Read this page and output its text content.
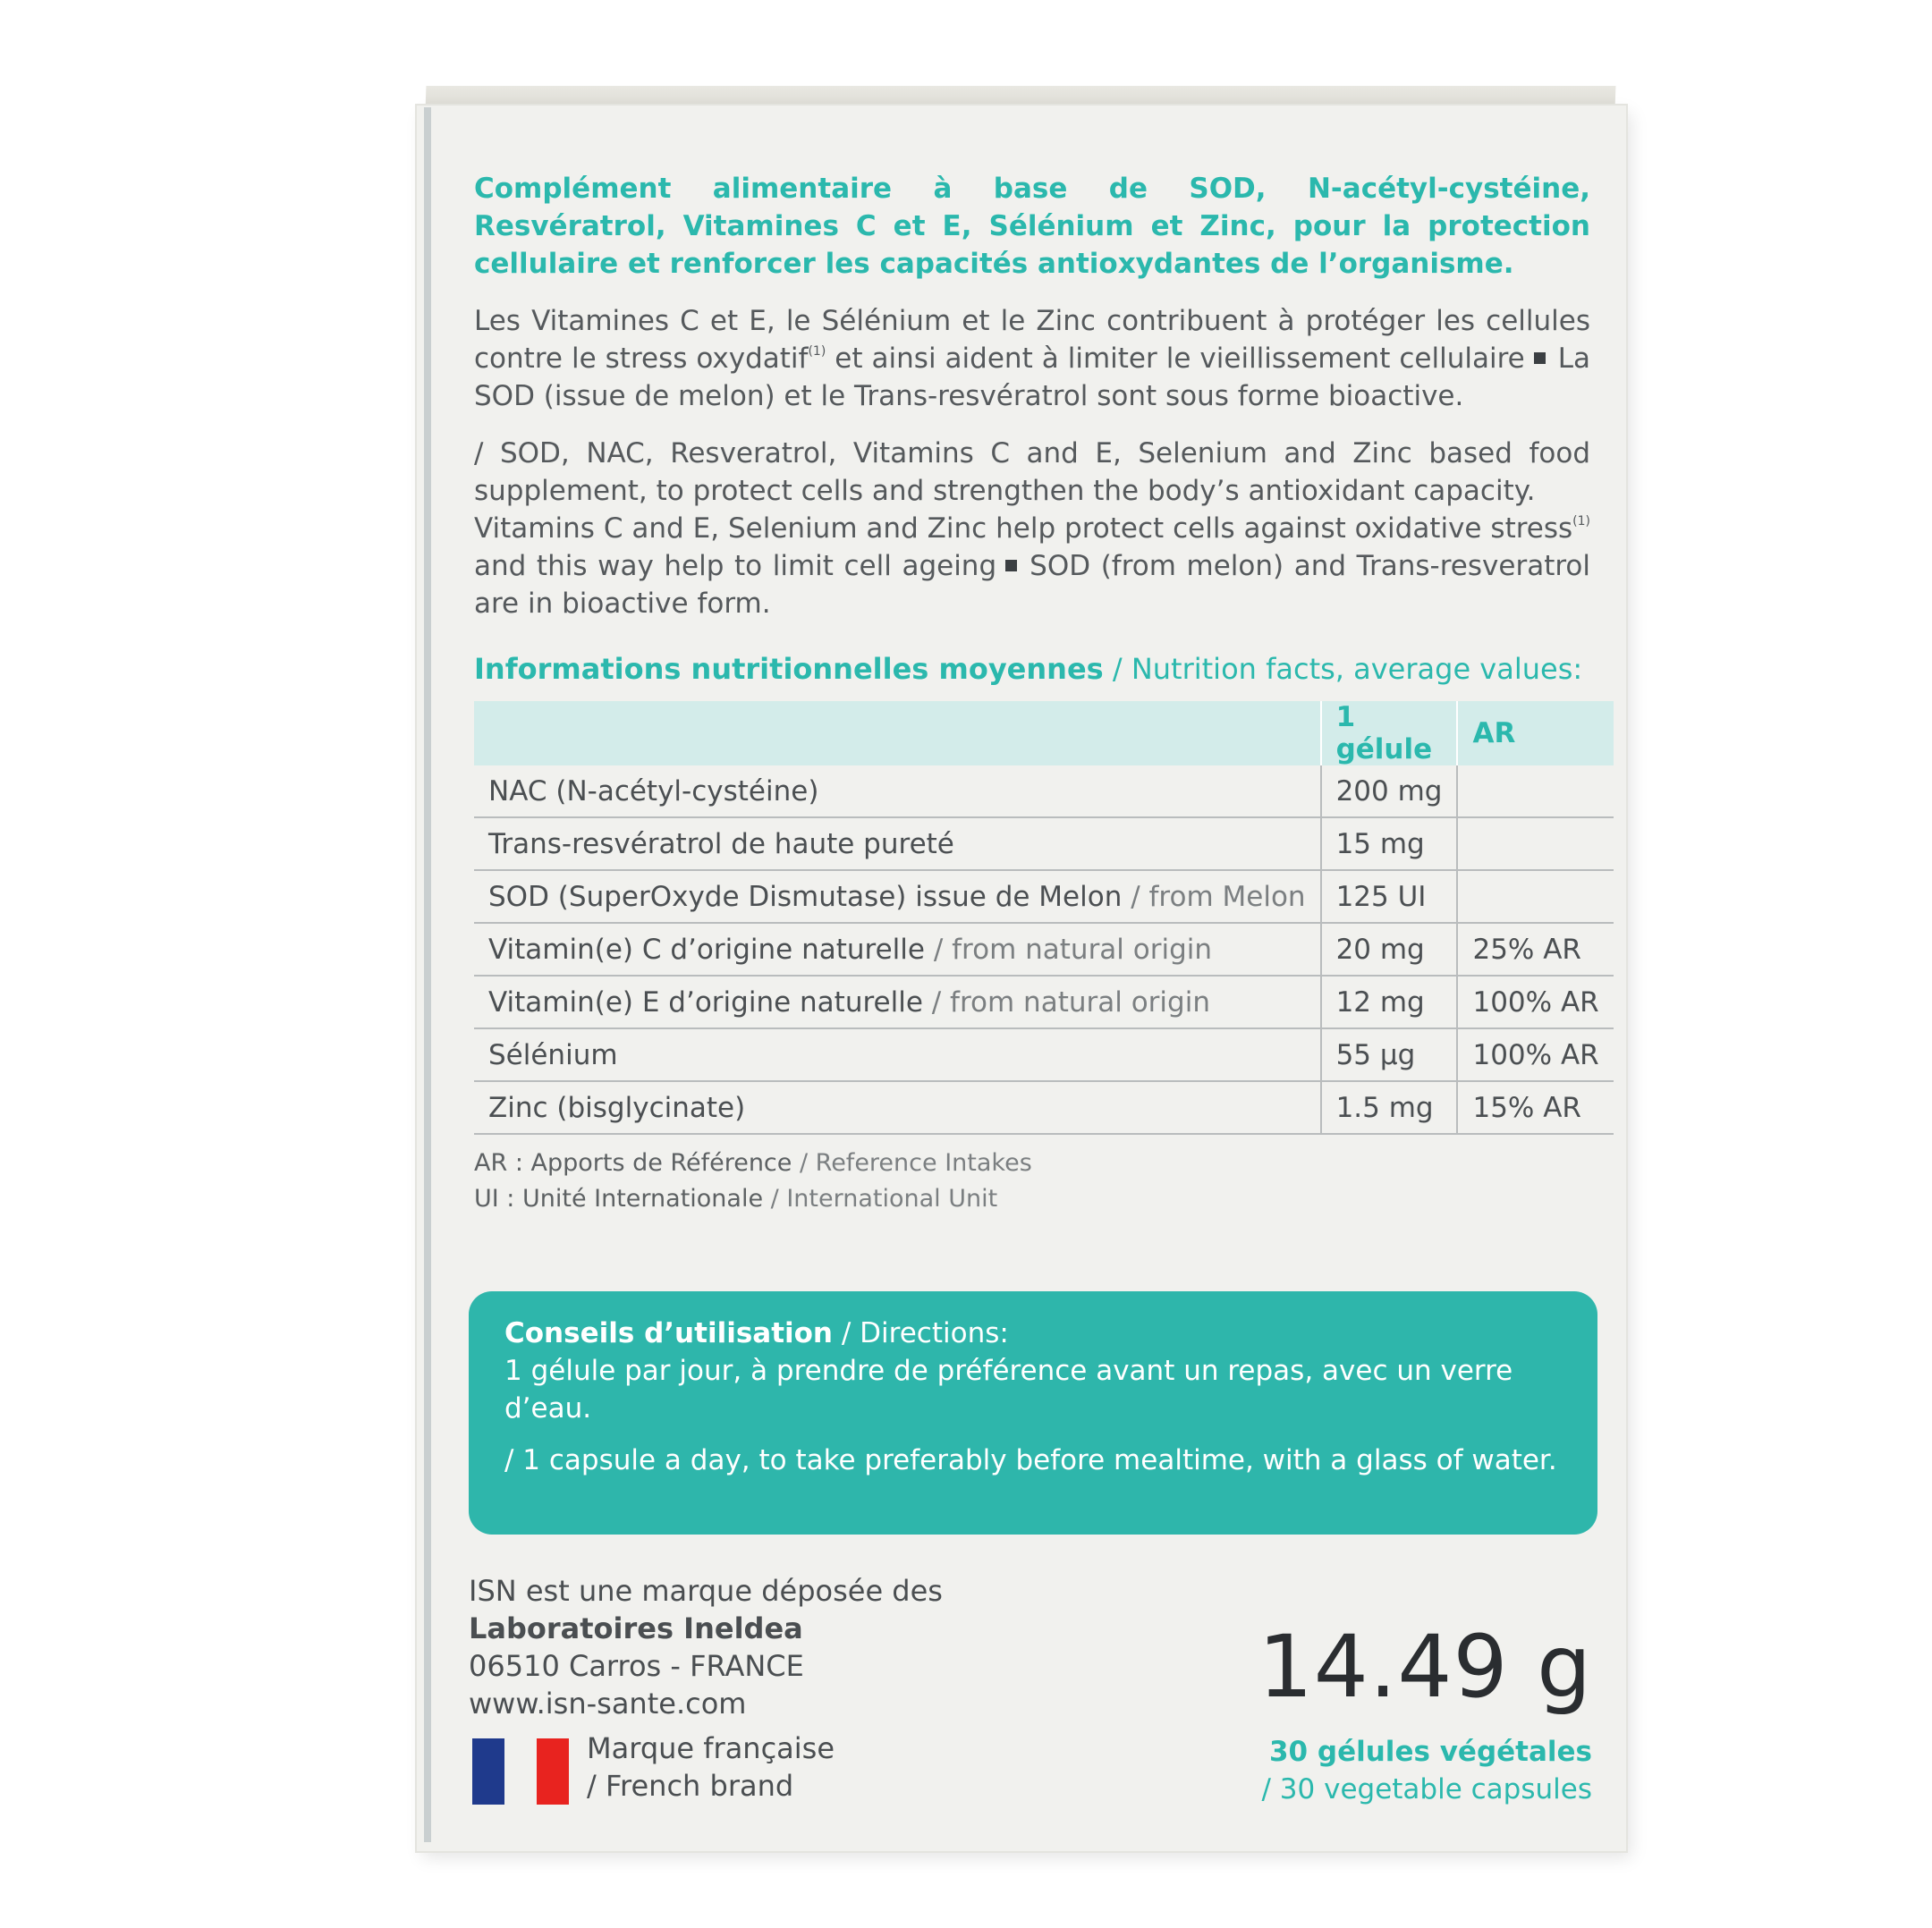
Complément alimentaire à base de SOD, N-acétyl-cystéine, Resvératrol, Vitamines C et E, Sélénium et Zinc, pour la protection cellulaire et renforcer les capacités antioxydantes de l’organisme.

Les Vitamines C et E, le Sélénium et le Zinc contribuent à protéger les cellules contre le stress oxydatif$^{(1)}$ et ainsi aident à limiter le vieillissement cellulaire La SOD (issue de melon) et le Trans-resvératrol sont sous forme bioactive.

/ SOD, NAC, Resveratrol, Vitamins C and E, Selenium and Zinc based food supplement, to protect cells and strengthen the body’s antioxidant capacity.

Vitamins C and E, Selenium and Zinc help protect cells against oxidative stress$^{(1)}$ and this way help to limit cell ageing SOD (from melon) and Trans-resveratrol are in bioactive form.

Informations nutritionnelles moyennes / Nutrition facts, average values:
	1 gélule	AR
NAC (N-acétyl-cystéine)	200 mg	
Trans-resvératrol de haute pureté	15 mg	
SOD (SuperOxyde Dismutase) issue de Melon / from Melon	125 UI	
Vitamin(e) C d’origine naturelle / from natural origin	20 mg	25% AR
Vitamin(e) E d’origine naturelle / from natural origin	12 mg	100% AR
Sélénium	55 µg	100% AR
Zinc (bisglycinate)	1.5 mg	15% AR
AR : Apports de Référence / Reference Intakes
UI : Unité Internationale / International Unit

Conseils d’utilisation / Directions:

1 gélule par jour, à prendre de préférence avant un repas, avec un verre d’eau.

/ 1 capsule a day, to take preferably before mealtime, with a glass of water.

ISN est une marque déposée des
Laboratoires Ineldea
06510 Carros - FRANCE
www.isn-sante.com
Marque française
/ French brand
14.49 g
30 gélules végétales
/ 30 vegetable capsules
